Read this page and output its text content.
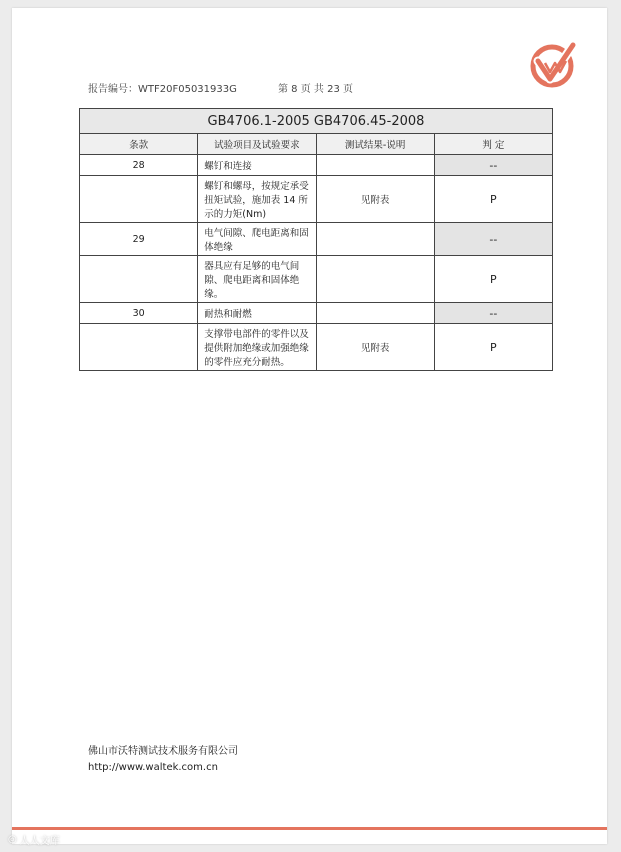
报告编号：WTF20F05031933G	第 8 页 共 23 页
GB4706.1-2005 GB4706.45-2008			
条款	试验项目及试验要求	测试结果-说明	判 定
28	螺钉和连接		--
	螺钉和螺母，按规定承受扭矩试验，施加表 14 所示的力矩(Nm)	见附表	P
29	电气间隙、爬电距离和固体绝缘		--
	器具应有足够的电气间隙、爬电距离和固体绝缘。		P
30	耐热和耐燃		--
	支撑带电部件的零件以及提供附加绝缘或加强绝缘的零件应充分耐热。	见附表	P
佛山市沃特测试技术服务有限公司
http://www.waltek.com.cn
◎ 人人文库
